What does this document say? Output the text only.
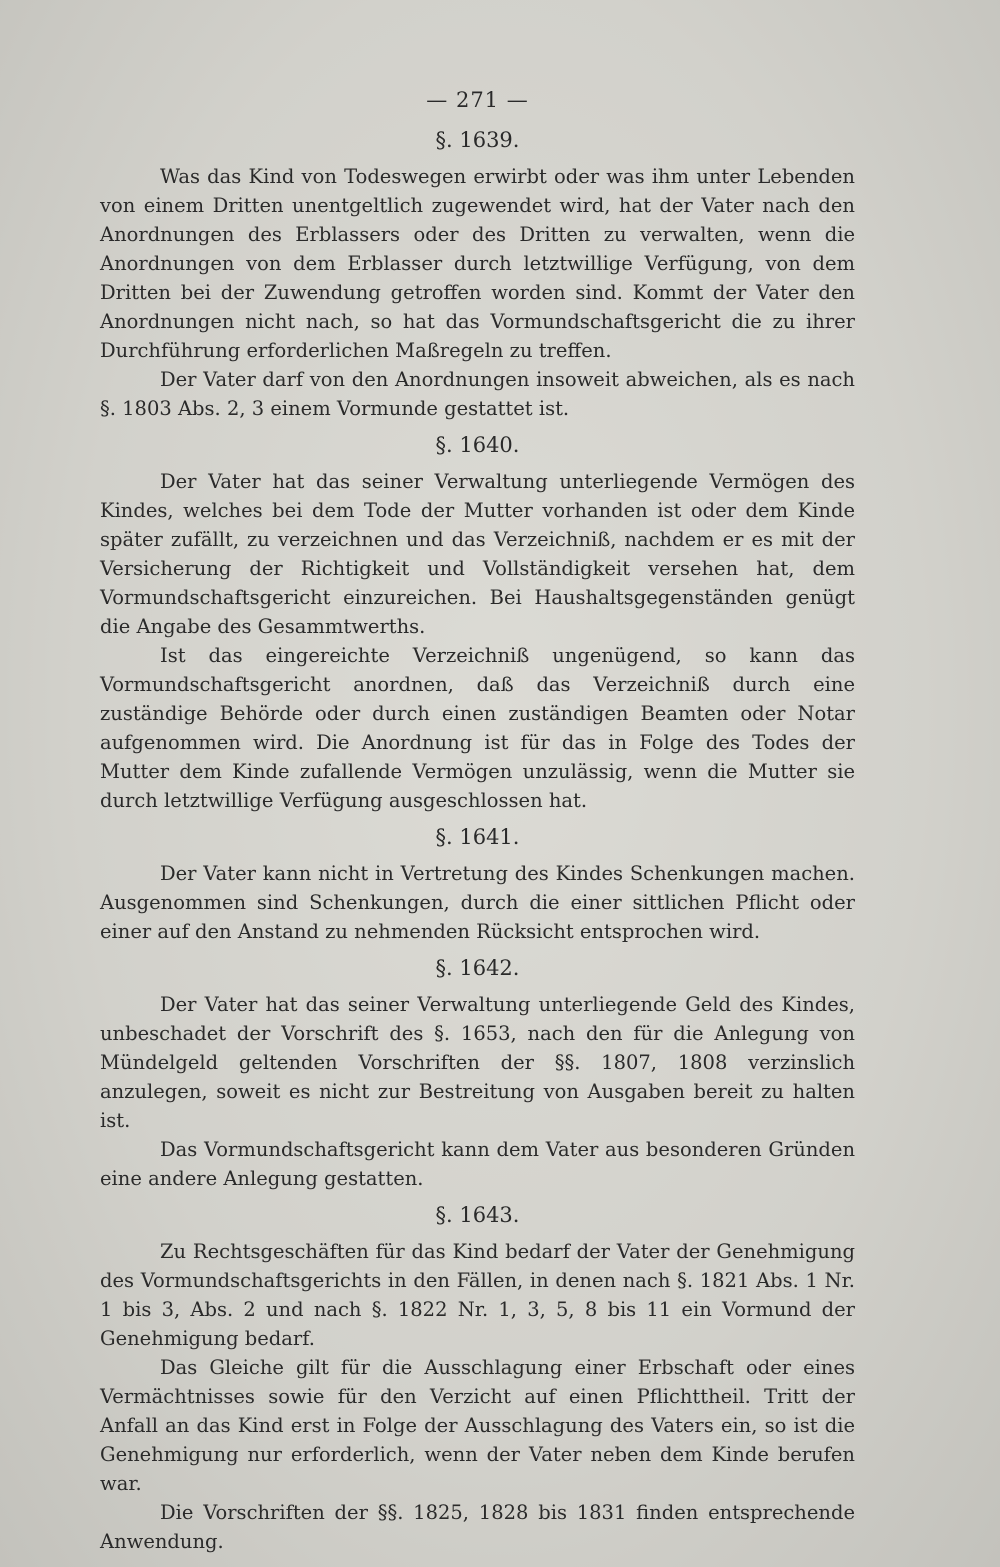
— 271 —
§. 1639.

Was das Kind von Todeswegen erwirbt oder was ihm unter Lebenden von einem Dritten unentgeltlich zugewendet wird, hat der Vater nach den Anordnungen des Erblassers oder des Dritten zu verwalten, wenn die Anordnungen von dem Erblasser durch letztwillige Verfügung, von dem Dritten bei der Zuwendung getroffen worden sind. Kommt der Vater den Anordnungen nicht nach, so hat das Vormundschaftsgericht die zu ihrer Durchführung erforderlichen Maßregeln zu treffen.

Der Vater darf von den Anordnungen insoweit abweichen, als es nach §. 1803 Abs. 2, 3 einem Vormunde gestattet ist.

§. 1640.

Der Vater hat das seiner Verwaltung unterliegende Vermögen des Kindes, welches bei dem Tode der Mutter vorhanden ist oder dem Kinde später zufällt, zu verzeichnen und das Verzeichniß, nachdem er es mit der Versicherung der Richtigkeit und Vollständigkeit versehen hat, dem Vormundschaftsgericht einzureichen. Bei Haushaltsgegenständen genügt die Angabe des Gesammtwerths.

Ist das eingereichte Verzeichniß ungenügend, so kann das Vormundschaftsgericht anordnen, daß das Verzeichniß durch eine zuständige Behörde oder durch einen zuständigen Beamten oder Notar aufgenommen wird. Die Anordnung ist für das in Folge des Todes der Mutter dem Kinde zufallende Vermögen unzulässig, wenn die Mutter sie durch letztwillige Verfügung ausgeschlossen hat.

§. 1641.

Der Vater kann nicht in Vertretung des Kindes Schenkungen machen. Ausgenommen sind Schenkungen, durch die einer sittlichen Pflicht oder einer auf den Anstand zu nehmenden Rücksicht entsprochen wird.

§. 1642.

Der Vater hat das seiner Verwaltung unterliegende Geld des Kindes, unbeschadet der Vorschrift des §. 1653, nach den für die Anlegung von Mündelgeld geltenden Vorschriften der §§. 1807, 1808 verzinslich anzulegen, soweit es nicht zur Bestreitung von Ausgaben bereit zu halten ist.

Das Vormundschaftsgericht kann dem Vater aus besonderen Gründen eine andere Anlegung gestatten.

§. 1643.

Zu Rechtsgeschäften für das Kind bedarf der Vater der Genehmigung des Vormundschaftsgerichts in den Fällen, in denen nach §. 1821 Abs. 1 Nr. 1 bis 3, Abs. 2 und nach §. 1822 Nr. 1, 3, 5, 8 bis 11 ein Vormund der Genehmigung bedarf.

Das Gleiche gilt für die Ausschlagung einer Erbschaft oder eines Vermächtnisses sowie für den Verzicht auf einen Pflichttheil. Tritt der Anfall an das Kind erst in Folge der Ausschlagung des Vaters ein, so ist die Genehmigung nur erforderlich, wenn der Vater neben dem Kinde berufen war.

Die Vorschriften der §§. 1825, 1828 bis 1831 finden entsprechende Anwendung.
